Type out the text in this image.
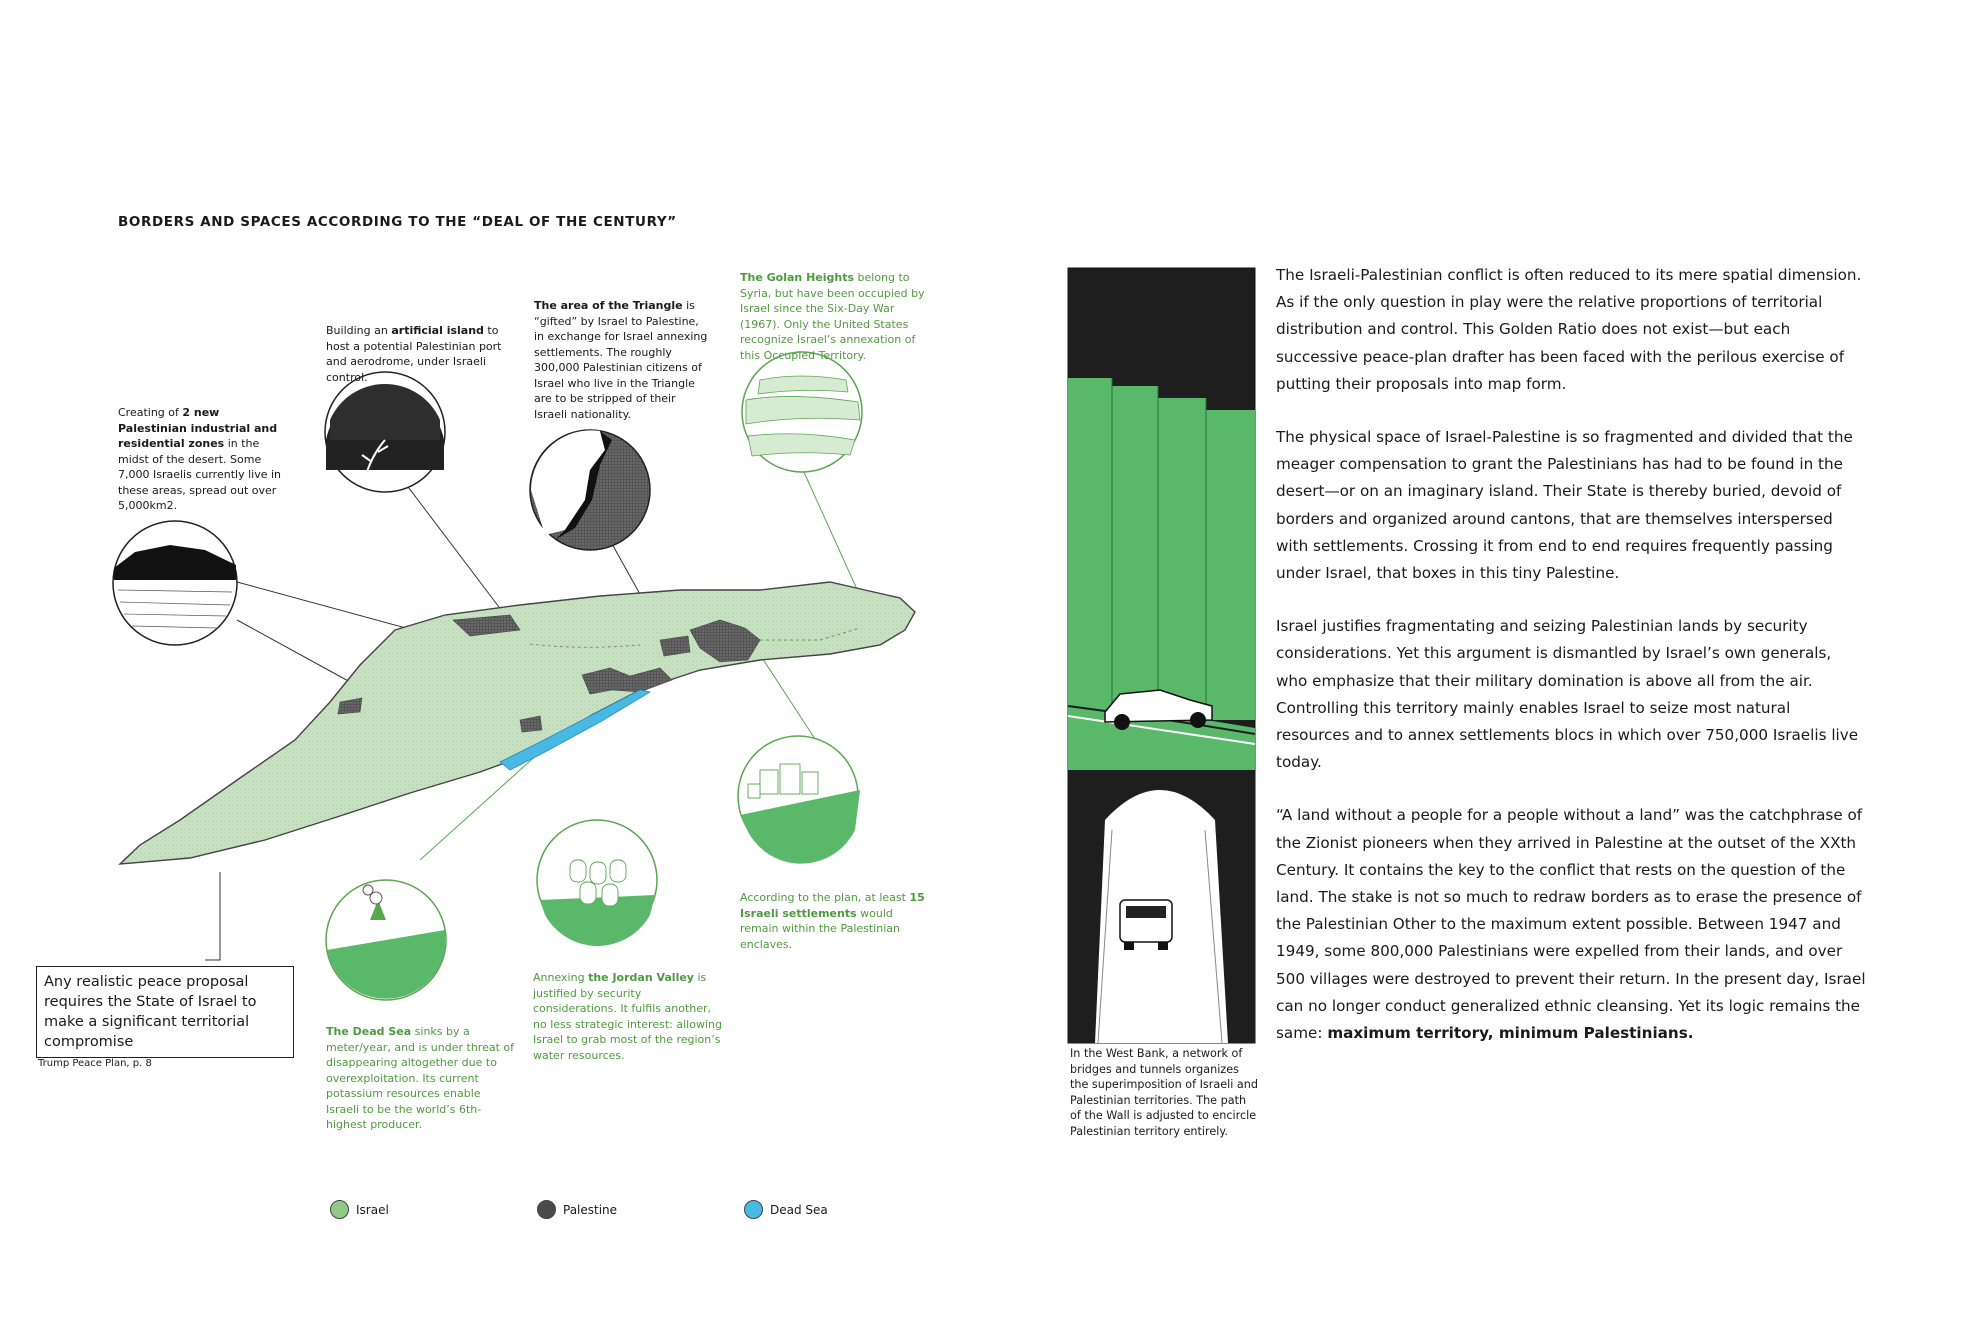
BORDERS AND SPACES ACCORDING TO THE “DEAL OF THE CENTURY”
Creating of 2 new Palestinian industrial and residential zones in the midst of the desert. Some 7,000 Israelis currently live in these areas, spread out over 5,000km2.
Building an artificial island to host a potential Palestinian port and aerodrome, under Israeli control.
The area of the Triangle is “gifted” by Israel to Palestine, in exchange for Israel annexing settlements. The roughly 300,000 Palestinian citizens of Israel who live in the Triangle are to be stripped of their Israeli nationality.
The Golan Heights belong to Syria, but have been occupied by Israel since the Six-Day War (1967). Only the United States recognize Israel’s annexation of this Occupied Territory.
According to the plan, at least 15 Israeli settlements would remain within the Palestinian enclaves.
Annexing the Jordan Valley is justified by security considerations. It fulfils another, no less strategic interest: allowing Israel to grab most of the region’s water resources.
The Dead Sea sinks by a meter/year, and is under threat of disappearing altogether due to overexploitation. Its current potassium resources enable Israeli to be the world’s 6th-highest producer.
Any realistic peace proposal requires the State of Israel to make a significant territorial compromise
Trump Peace Plan, p. 8
Israel	Palestine	Dead Sea
In the West Bank, a network of bridges and tunnels organizes the superimposition of Israeli and Palestinian territories. The path of the Wall is adjusted to encircle Palestinian territory entirely.

The Israeli-Palestinian conflict is often reduced to its mere spatial dimension. As if the only question in play were the relative proportions of territorial distribution and control. This Golden Ratio does not exist—but each successive peace-plan drafter has been faced with the perilous exercise of putting their proposals into map form.

The physical space of Israel-Palestine is so fragmented and divided that the meager compensation to grant the Palestinians has had to be found in the desert—or on an imaginary island. Their State is thereby buried, devoid of borders and organized around cantons, that are themselves interspersed with settlements. Crossing it from end to end requires frequently passing under Israel, that boxes in this tiny Palestine.

Israel justifies fragmentating and seizing Palestinian lands by security considerations. Yet this argument is dismantled by Israel’s own generals, who emphasize that their military domination is above all from the air. Controlling this territory mainly enables Israel to seize most natural resources and to annex settlements blocs in which over 750,000 Israelis live today.

“A land without a people for a people without a land” was the catchphrase of the Zionist pioneers when they arrived in Palestine at the outset of the XXth Century. It contains the key to the conflict that rests on the question of the land. The stake is not so much to redraw borders as to erase the presence of the Palestinian Other to the maximum extent possible. Between 1947 and 1949, some 800,000 Palestinians were expelled from their lands, and over 500 villages were destroyed to prevent their return. In the present day, Israel can no longer conduct generalized ethnic cleansing. Yet its logic remains the same: maximum territory, minimum Palestinians.
